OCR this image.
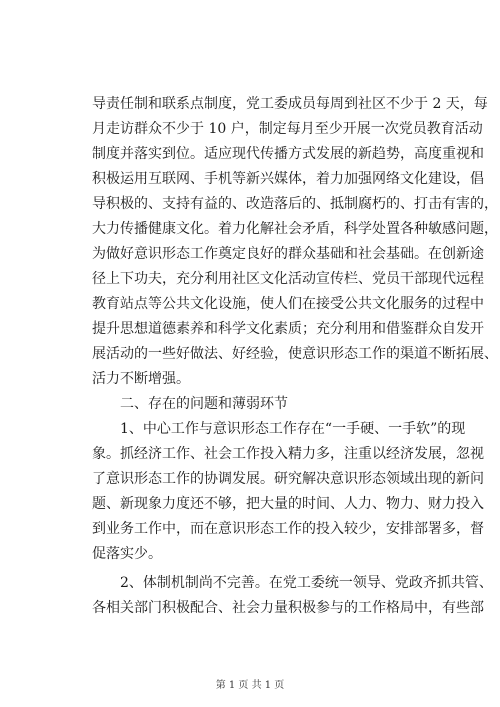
导责任制和联系点制度，党工委成员每周到社区不少于 2 天，每
月走访群众不少于 10 户，制定每月至少开展一次党员教育活动
制度并落实到位。适应现代传播方式发展的新趋势，高度重视和
积极运用互联网、手机等新兴媒体，着力加强网络文化建设，倡
导积极的、支持有益的、改造落后的、抵制腐朽的、打击有害的，
大力传播健康文化。着力化解社会矛盾，科学处置各种敏感问题，
为做好意识形态工作奠定良好的群众基础和社会基础。在创新途
径上下功夫，充分利用社区文化活动宣传栏、党员干部现代远程
教育站点等公共文化设施，使人们在接受公共文化服务的过程中
提升思想道德素养和科学文化素质；充分利用和借鉴群众自发开
展活动的一些好做法、好经验，使意识形态工作的渠道不断拓展、
活力不断增强。
二、存在的问题和薄弱环节
1、中心工作与意识形态工作存在“一手硬、一手软”的现
象。抓经济工作、社会工作投入精力多，注重以经济发展，忽视
了意识形态工作的协调发展。研究解决意识形态领域出现的新问
题、新现象力度还不够，把大量的时间、人力、物力、财力投入
到业务工作中，而在意识形态工作的投入较少，安排部署多，督
促落实少。
2、体制机制尚不完善。在党工委统一领导、党政齐抓共管、
各相关部门积极配合、社会力量积极参与的工作格局中，有些部
第 1 页 共 1 页
